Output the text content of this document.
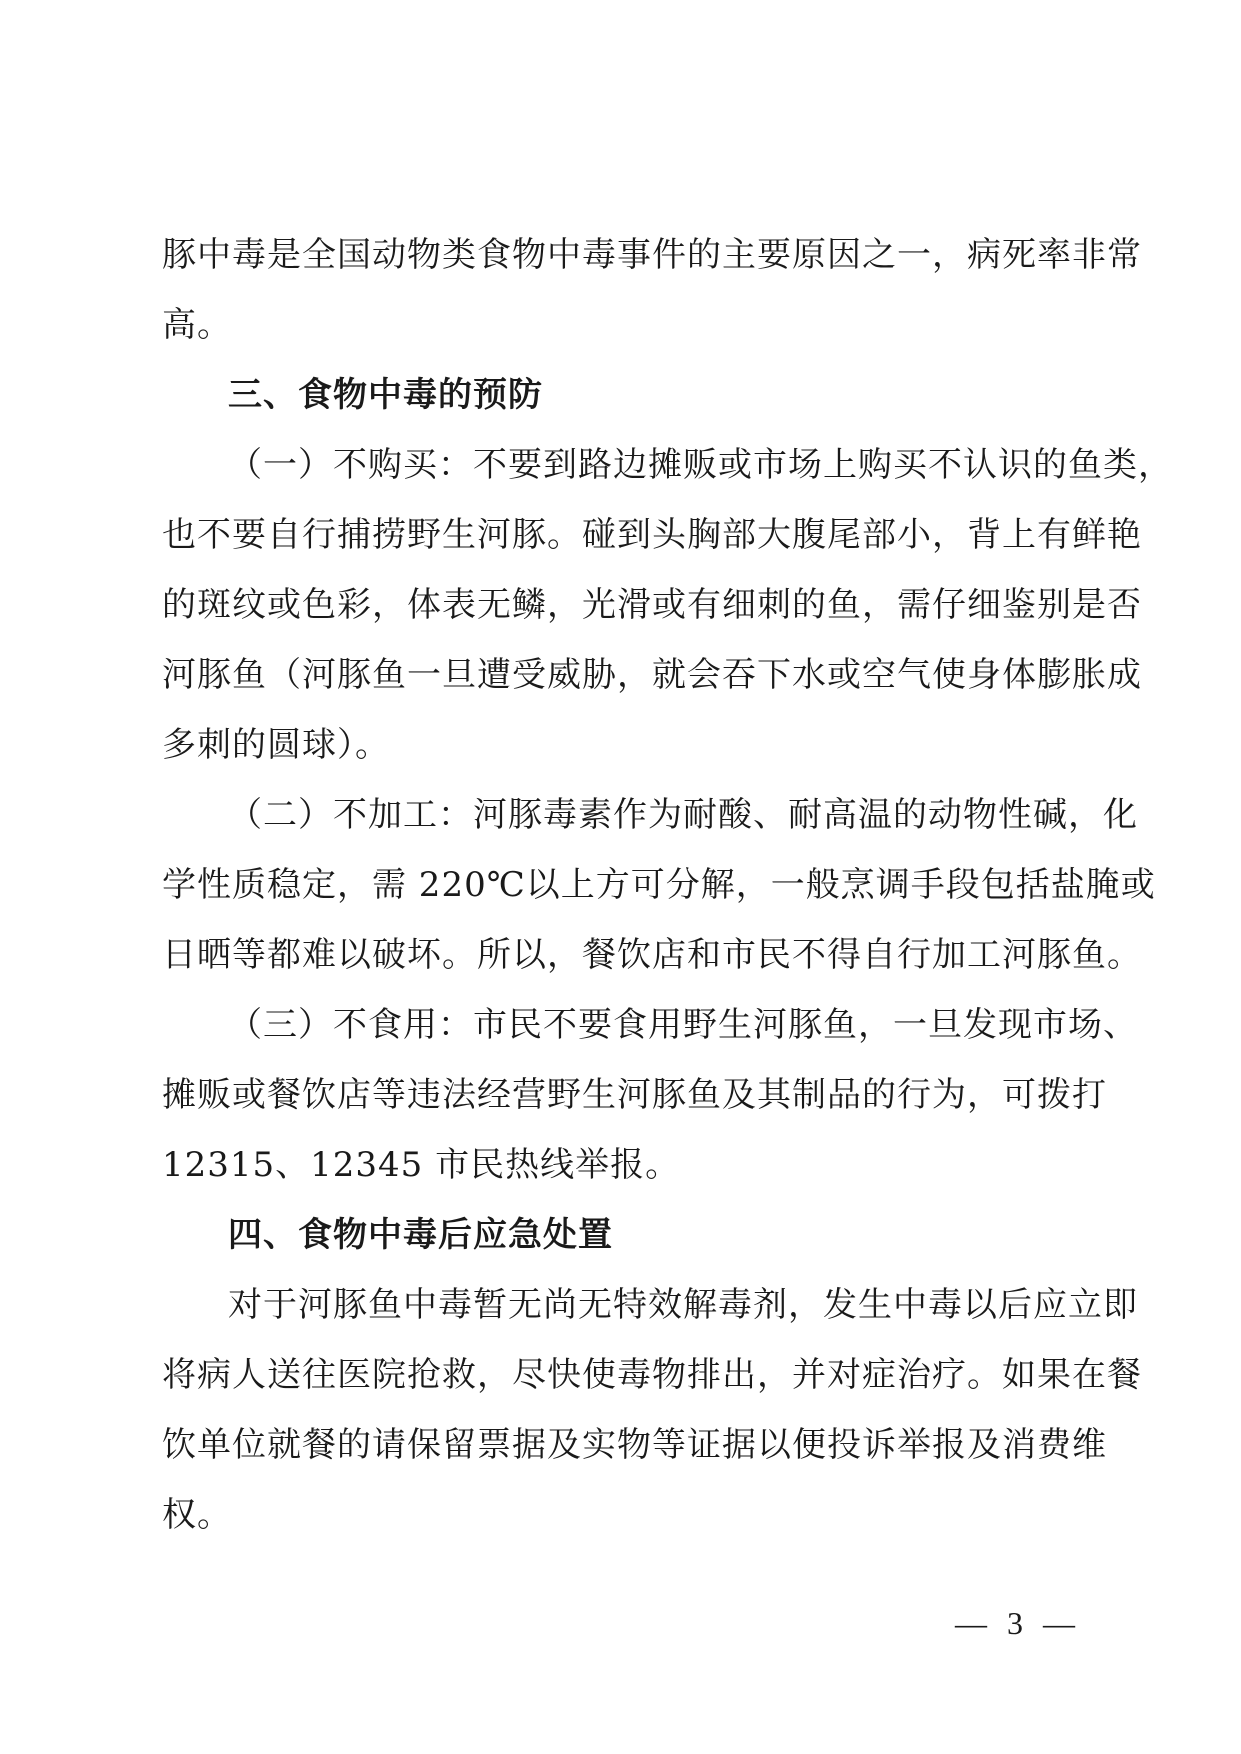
豚中毒是全国动物类食物中毒事件的主要原因之一，病死率非常
高。

三、食物中毒的预防

（一）不购买：不要到路边摊贩或市场上购买不认识的鱼类，
也不要自行捕捞野生河豚。碰到头胸部大腹尾部小，背上有鲜艳
的斑纹或色彩，体表无鳞，光滑或有细刺的鱼，需仔细鉴别是否
河豚鱼（河豚鱼一旦遭受威胁，就会吞下水或空气使身体膨胀成
多刺的圆球）。

（二）不加工：河豚毒素作为耐酸、耐高温的动物性碱，化
学性质稳定，需 220℃以上方可分解，一般烹调手段包括盐腌或
日晒等都难以破坏。所以，餐饮店和市民不得自行加工河豚鱼。

（三）不食用：市民不要食用野生河豚鱼，一旦发现市场、
摊贩或餐饮店等违法经营野生河豚鱼及其制品的行为，可拨打
12315、12345 市民热线举报。

四、食物中毒后应急处置

对于河豚鱼中毒暂无尚无特效解毒剂，发生中毒以后应立即
将病人送往医院抢救，尽快使毒物排出，并对症治疗。如果在餐
饮单位就餐的请保留票据及实物等证据以便投诉举报及消费维
权。

— 3 —
